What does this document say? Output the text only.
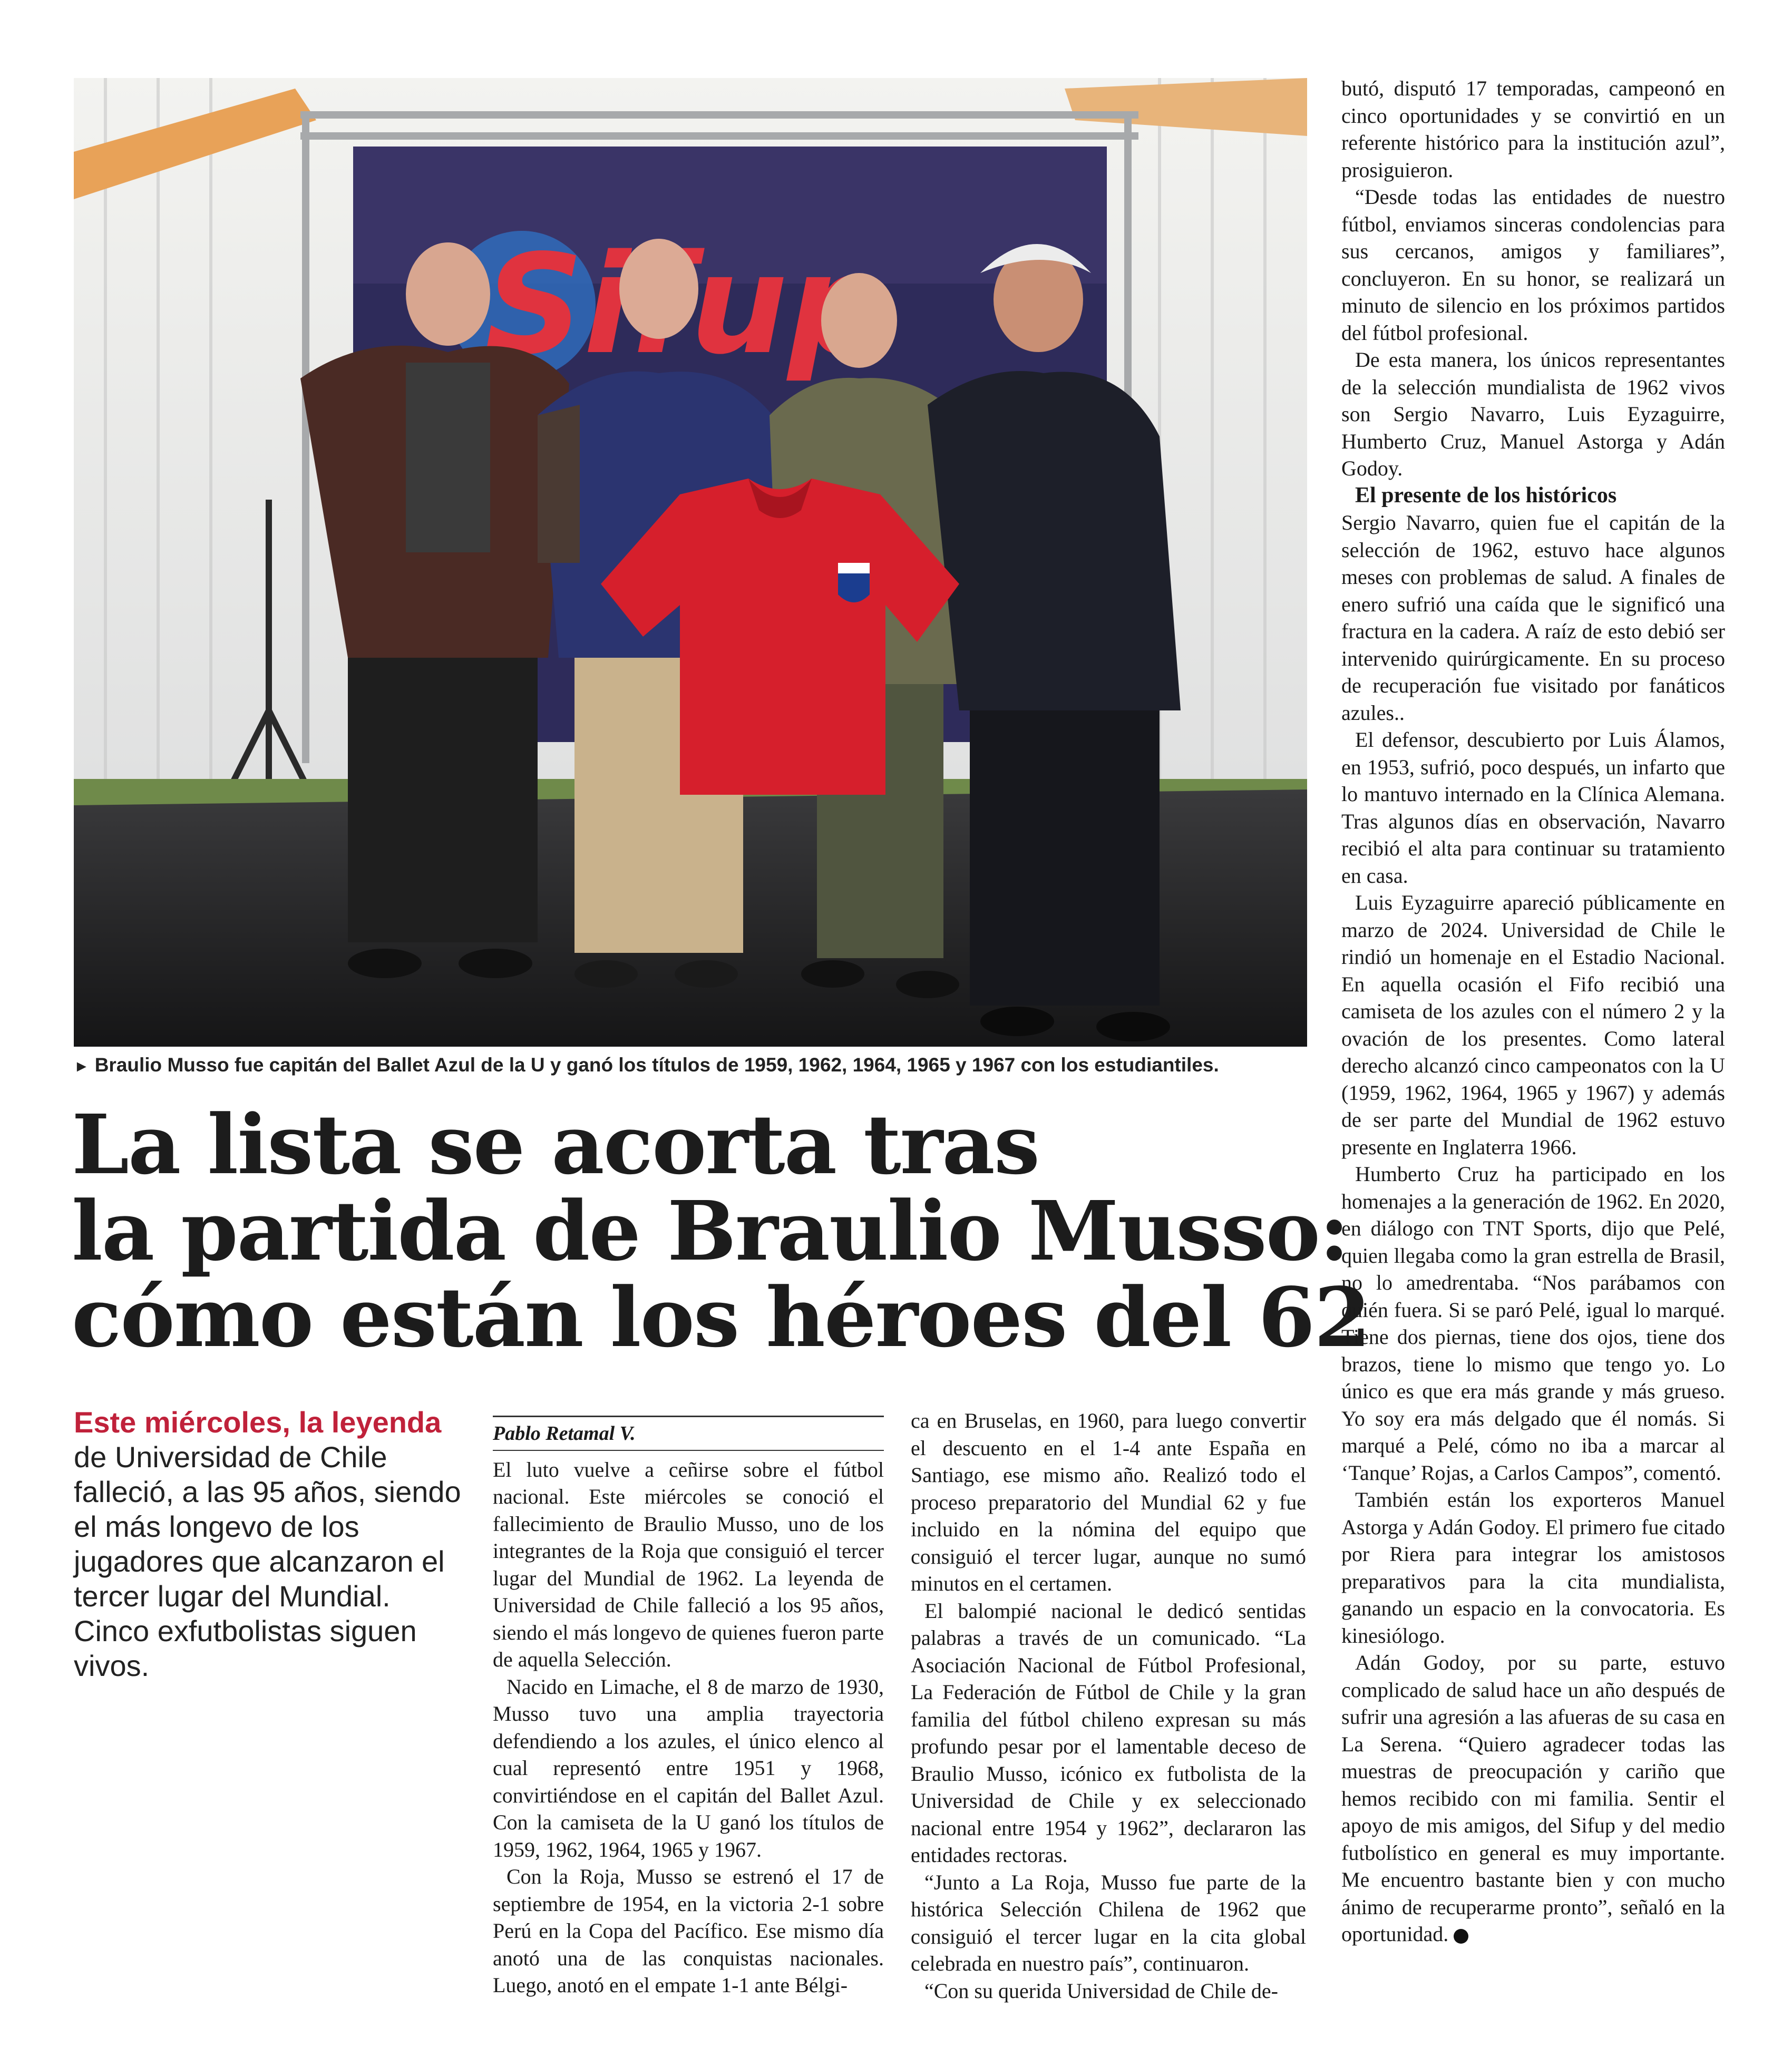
► Braulio Musso fue capitán del Ballet Azul de la U y ganó los títulos de 1959, 1962, 1964, 1965 y 1967 con los estudiantiles.
La lista se acorta tras
la partida de Braulio Musso:
cómo están los héroes del 62
Este miércoles, la leyenda de Universidad de Chile falleció, a las 95 años, siendo el más longevo de los jugadores que alcanzaron el tercer lugar del Mundial. Cinco exfutbolistas siguen vivos.
Pablo Retamal V.

El luto vuelve a ceñirse sobre el fútbol nacional. Este miércoles se conoció el fallecimiento de Braulio Musso, uno de los integrantes de la Roja que consiguió el tercer lugar del Mundial de 1962. La leyenda de Universidad de Chile falleció a los 95 años, siendo el más longevo de quienes fueron parte de aquella Selección.

Nacido en Limache, el 8 de marzo de 1930, Musso tuvo una amplia trayectoria defendiendo a los azules, el único elenco al cual representó entre 1951 y 1968, convirtiéndose en el capitán del Ballet Azul. Con la camiseta de la U ganó los títulos de 1959, 1962, 1964, 1965 y 1967.

Con la Roja, Musso se estrenó el 17 de septiembre de 1954, en la victoria 2-1 sobre Perú en la Copa del Pacífico. Ese mismo día anotó una de las conquistas nacionales. Luego, anotó en el empate 1-1 ante Bélgi-

ca en Bruselas, en 1960, para luego convertir el descuento en el 1-4 ante España en Santiago, ese mismo año. Realizó todo el proceso preparatorio del Mundial 62 y fue incluido en la nómina del equipo que consiguió el tercer lugar, aunque no sumó minutos en el certamen.

El balompié nacional le dedicó sentidas palabras a través de un comunicado. “La Asociación Nacional de Fútbol Profesional, La Federación de Fútbol de Chile y la gran familia del fútbol chileno expresan su más profundo pesar por el lamentable deceso de Braulio Musso, icónico ex futbolista de la Universidad de Chile y ex seleccionado nacional entre 1954 y 1962”, declararon las entidades rectoras.

“Junto a La Roja, Musso fue parte de la histórica Selección Chilena de 1962 que consiguió el tercer lugar en la cita global celebrada en nuestro país”, continuaron.

“Con su querida Universidad de Chile de-

butó, disputó 17 temporadas, campeonó en cinco oportunidades y se convirtió en un referente histórico para la institución azul”, prosiguieron.

“Desde todas las entidades de nuestro fútbol, enviamos sinceras condolencias para sus cercanos, amigos y familiares”, concluyeron. En su honor, se realizará un minuto de silencio en los próximos partidos del fútbol profesional.

De esta manera, los únicos representantes de la selección mundialista de 1962 vivos son Sergio Navarro, Luis Eyzaguirre, Humberto Cruz, Manuel Astorga y Adán Godoy.

El presente de los históricos

Sergio Navarro, quien fue el capitán de la selección de 1962, estuvo hace algunos meses con problemas de salud. A finales de enero sufrió una caída que le significó una fractura en la cadera. A raíz de esto debió ser intervenido quirúrgicamente. En su proceso de recuperación fue visitado por fanáticos azules..

El defensor, descubierto por Luis Álamos, en 1953, sufrió, poco después, un infarto que lo mantuvo internado en la Clínica Alemana. Tras algunos días en observación, Navarro recibió el alta para continuar su tratamiento en casa.

Luis Eyzaguirre apareció públicamente en marzo de 2024. Universidad de Chile le rindió un homenaje en el Estadio Nacional. En aquella ocasión el Fifo recibió una camiseta de los azules con el número 2 y la ovación de los presentes. Como lateral derecho alcanzó cinco campeonatos con la U (1959, 1962, 1964, 1965 y 1967) y además de ser parte del Mundial de 1962 estuvo presente en Inglaterra 1966.

Humberto Cruz ha participado en los homenajes a la generación de 1962. En 2020, en diálogo con TNT Sports, dijo que Pelé, quien llegaba como la gran estrella de Brasil, no lo amedrentaba. “Nos parábamos con quién fuera. Si se paró Pelé, igual lo marqué. Tiene dos piernas, tiene dos ojos, tiene dos brazos, tiene lo mismo que tengo yo. Lo único es que era más grande y más grueso. Yo soy era más delgado que él nomás. Si marqué a Pelé, cómo no iba a marcar al ‘Tanque’ Rojas, a Carlos Campos”, comentó.

También están los exporteros Manuel Astorga y Adán Godoy. El primero fue citado por Riera para integrar los amistosos preparativos para la cita mundialista, ganando un espacio en la convocatoria. Es kinesiólogo.

Adán Godoy, por su parte, estuvo complicado de salud hace un año después de sufrir una agresión a las afueras de su casa en La Serena. “Quiero agradecer todas las muestras de preocupación y cariño que hemos recibido con mi familia. Sentir el apoyo de mis amigos, del Sifup y del medio futbolístico en general es muy importante. Me encuentro bastante bien y con mucho ánimo de recuperarme pronto”, señaló en la oportunidad.
